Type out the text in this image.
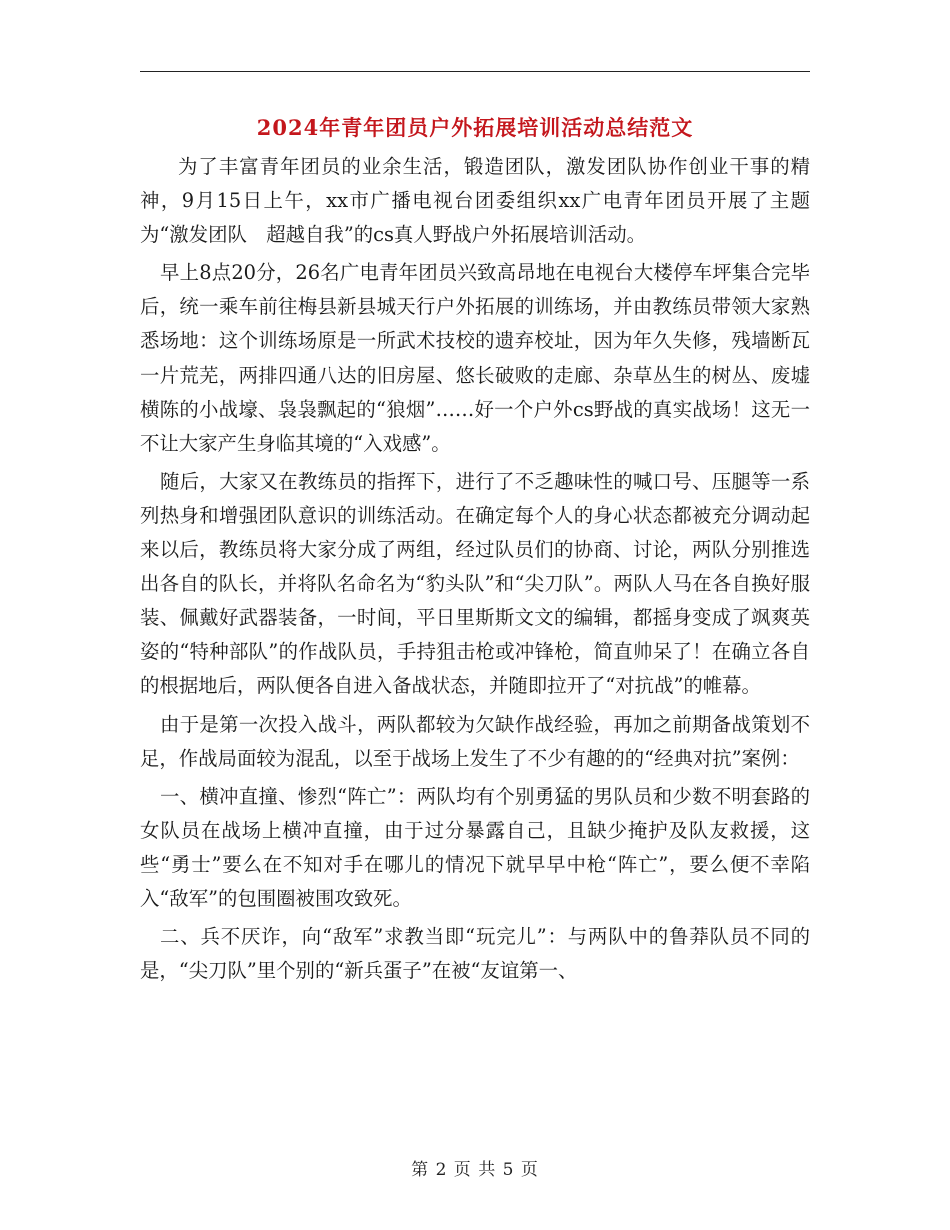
2024年青年团员户外拓展培训活动总结范文

为了丰富青年团员的业余生活，锻造团队，激发团队协作创业干事的精神，9月15日上午，xx市广播电视台团委组织xx广电青年团员开展了主题为“激发团队　超越自我”的cs真人野战户外拓展培训活动。

早上8点20分，26名广电青年团员兴致高昂地在电视台大楼停车坪集合完毕后，统一乘车前往梅县新县城天行户外拓展的训练场，并由教练员带领大家熟悉场地：这个训练场原是一所武术技校的遗弃校址，因为年久失修，残墙断瓦一片荒芜，两排四通八达的旧房屋、悠长破败的走廊、杂草丛生的树丛、废墟横陈的小战壕、袅袅飘起的“狼烟”……好一个户外cs野战的真实战场！这无一不让大家产生身临其境的“入戏感”。

随后，大家又在教练员的指挥下，进行了不乏趣味性的喊口号、压腿等一系列热身和增强团队意识的训练活动。在确定每个人的身心状态都被充分调动起来以后，教练员将大家分成了两组，经过队员们的协商、讨论，两队分别推选出各自的队长，并将队名命名为“豹头队”和“尖刀队”。两队人马在各自换好服装、佩戴好武器装备，一时间，平日里斯斯文文的编辑，都摇身变成了飒爽英姿的“特种部队”的作战队员，手持狙击枪或冲锋枪，简直帅呆了！在确立各自的根据地后，两队便各自进入备战状态，并随即拉开了“对抗战”的帷幕。

由于是第一次投入战斗，两队都较为欠缺作战经验，再加之前期备战策划不足，作战局面较为混乱，以至于战场上发生了不少有趣的的“经典对抗”案例：

一、横冲直撞、惨烈“阵亡”：两队均有个别勇猛的男队员和少数不明套路的女队员在战场上横冲直撞，由于过分暴露自己，且缺少掩护及队友救援，这些“勇士”要么在不知对手在哪儿的情况下就早早中枪“阵亡”，要么便不幸陷入“敌军”的包围圈被围攻致死。

二、兵不厌诈，向“敌军”求教当即“玩完儿”：与两队中的鲁莽队员不同的是，“尖刀队”里个别的“新兵蛋子”在被“友谊第一、

第 2 页 共 5 页
